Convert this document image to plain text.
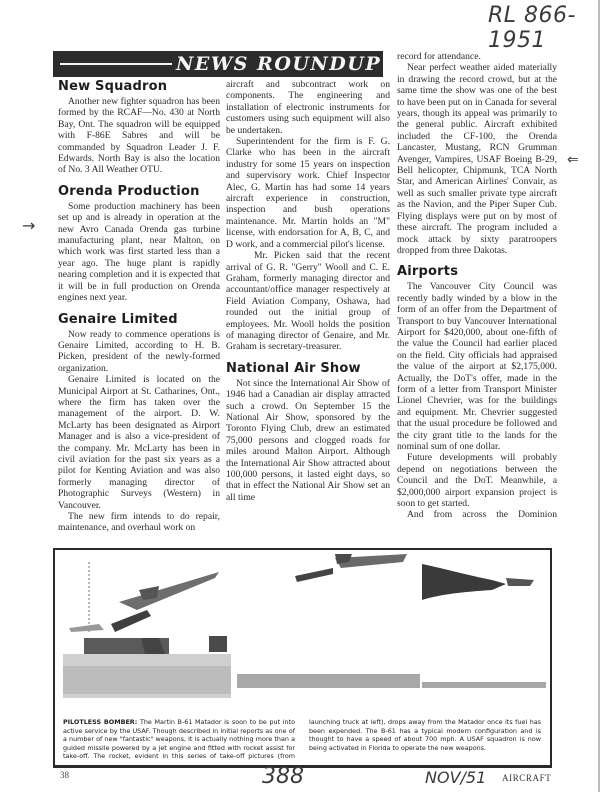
RL 866-1951
→
⇐
NEWS ROUNDUP
New Squadron

Another new fighter squadron has been formed by the RCAF—No. 430 at North Bay, Ont. The squadron will be equipped with F-86E Sabres and will be commanded by Squadron Leader J. F. Edwards. North Bay is also the location of No. 3 All Weather OTU.

Orenda Production

Some production machinery has been set up and is already in operation at the new Avro Canada Orenda gas turbine manufacturing plant, near Malton, on which work was first started less than a year ago. The huge plant is rapidly nearing completion and it is expected that it will be in full production on Orenda engines next year.

Genaire Limited

Now ready to commence operations is Genaire Limited, according to H. B. Picken, president of the newly-formed organization.

Genaire Limited is located on the Municipal Airport at St. Catharines, Ont., where the firm has taken over the management of the airport. D. W. McLarty has been designated as Airport Manager and is also a vice-president of the company. Mr. McLarty has been in civil aviation for the past six years as a pilot for Kenting Aviation and was also formerly managing director of Photographic Surveys (Western) in Vancouver.

The new firm intends to do repair, maintenance, and overhaul work on

aircraft and subcontract work on components. The engineering and installation of electronic instruments for customers using such equipment will also be undertaken.

Superintendent for the firm is F. G. Clarke who has been in the aircraft industry for some 15 years on inspection and supervisory work. Chief Inspector Alec, G. Martin has had some 14 years aircraft experience in construction, inspection and bush operations maintenance. Mr. Martin holds an "M" license, with endorsation for A, B, C, and D work, and a commercial pilot's license.

Mr. Picken said that the recent arrival of G. R. "Gerry" Wooll and C. E. Graham, formerly managing director and accountant/office manager respectively at Field Aviation Company, Oshawa, had rounded out the initial group of employees. Mr. Wooll holds the position of managing director of Genaire, and Mr. Graham is secretary-treasurer.

National Air Show

Not since the International Air Show of 1946 had a Canadian air display attracted such a crowd. On September 15 the National Air Show, sponsored by the Toronto Flying Club, drew an estimated 75,000 persons and clogged roads for miles around Malton Airport. Although the International Air Show attracted about 100,000 persons, it lasted eight days, so that in effect the National Air Show set an all time

record for attendance.

Near perfect weather aided materially in drawing the record crowd, but at the same time the show was one of the best to have been put on in Canada for several years, though its appeal was primarily to the general public. Aircraft exhibited included the CF-100, the Orenda Lancaster, Mustang, RCN Grumman Avenger, Vampires, USAF Boeing B-29, Bell helicopter, Chipmunk, TCA North Star, and American Airlines' Convair, as well as such smaller private type aircraft as the Navion, and the Piper Super Cub. Flying displays were put on by most of these aircraft. The program included a mock attack by sixty paratroopers dropped from three Dakotas.

Airports

The Vancouver City Council was recently badly winded by a blow in the form of an offer from the Department of Transport to buy Vancouver International Airport for $420,000, about one-fifth of the value the Council had earlier placed on the field. City officials had appraised the value of the airport at $2,175,000. Actually, the DoT's offer, made in the form of a letter from Transport Minister Lionel Chevrier, was for the buildings and equipment. Mr. Chevrier suggested that the usual procedure be followed and the city grant title to the lands for the nominal sum of one dollar.

Future developments will probably depend on negotiations between the Council and the DoT. Meanwhile, a $2,000,000 airport expansion project is soon to get started.

And from across the Dominion

PILOTLESS BOMBER: The Martin B-61 Matador is soon to be put into active service by the USAF. Though described in initial reports as one of a number of new "fantastic" weapons, it is actually nothing more than a guided missile powered by a jet engine and fitted with rocket assist for take-off. The rocket, evident in this series of take-off pictures (from launching truck at left), drops away from the Matador once its fuel has been expended. The B-61 has a typical modern configuration and is thought to have a speed of about 700 mph. A USAF squadron is now being activated in Florida to operate the new weapons.
38	388	NOV/51 AIRCRAFT
